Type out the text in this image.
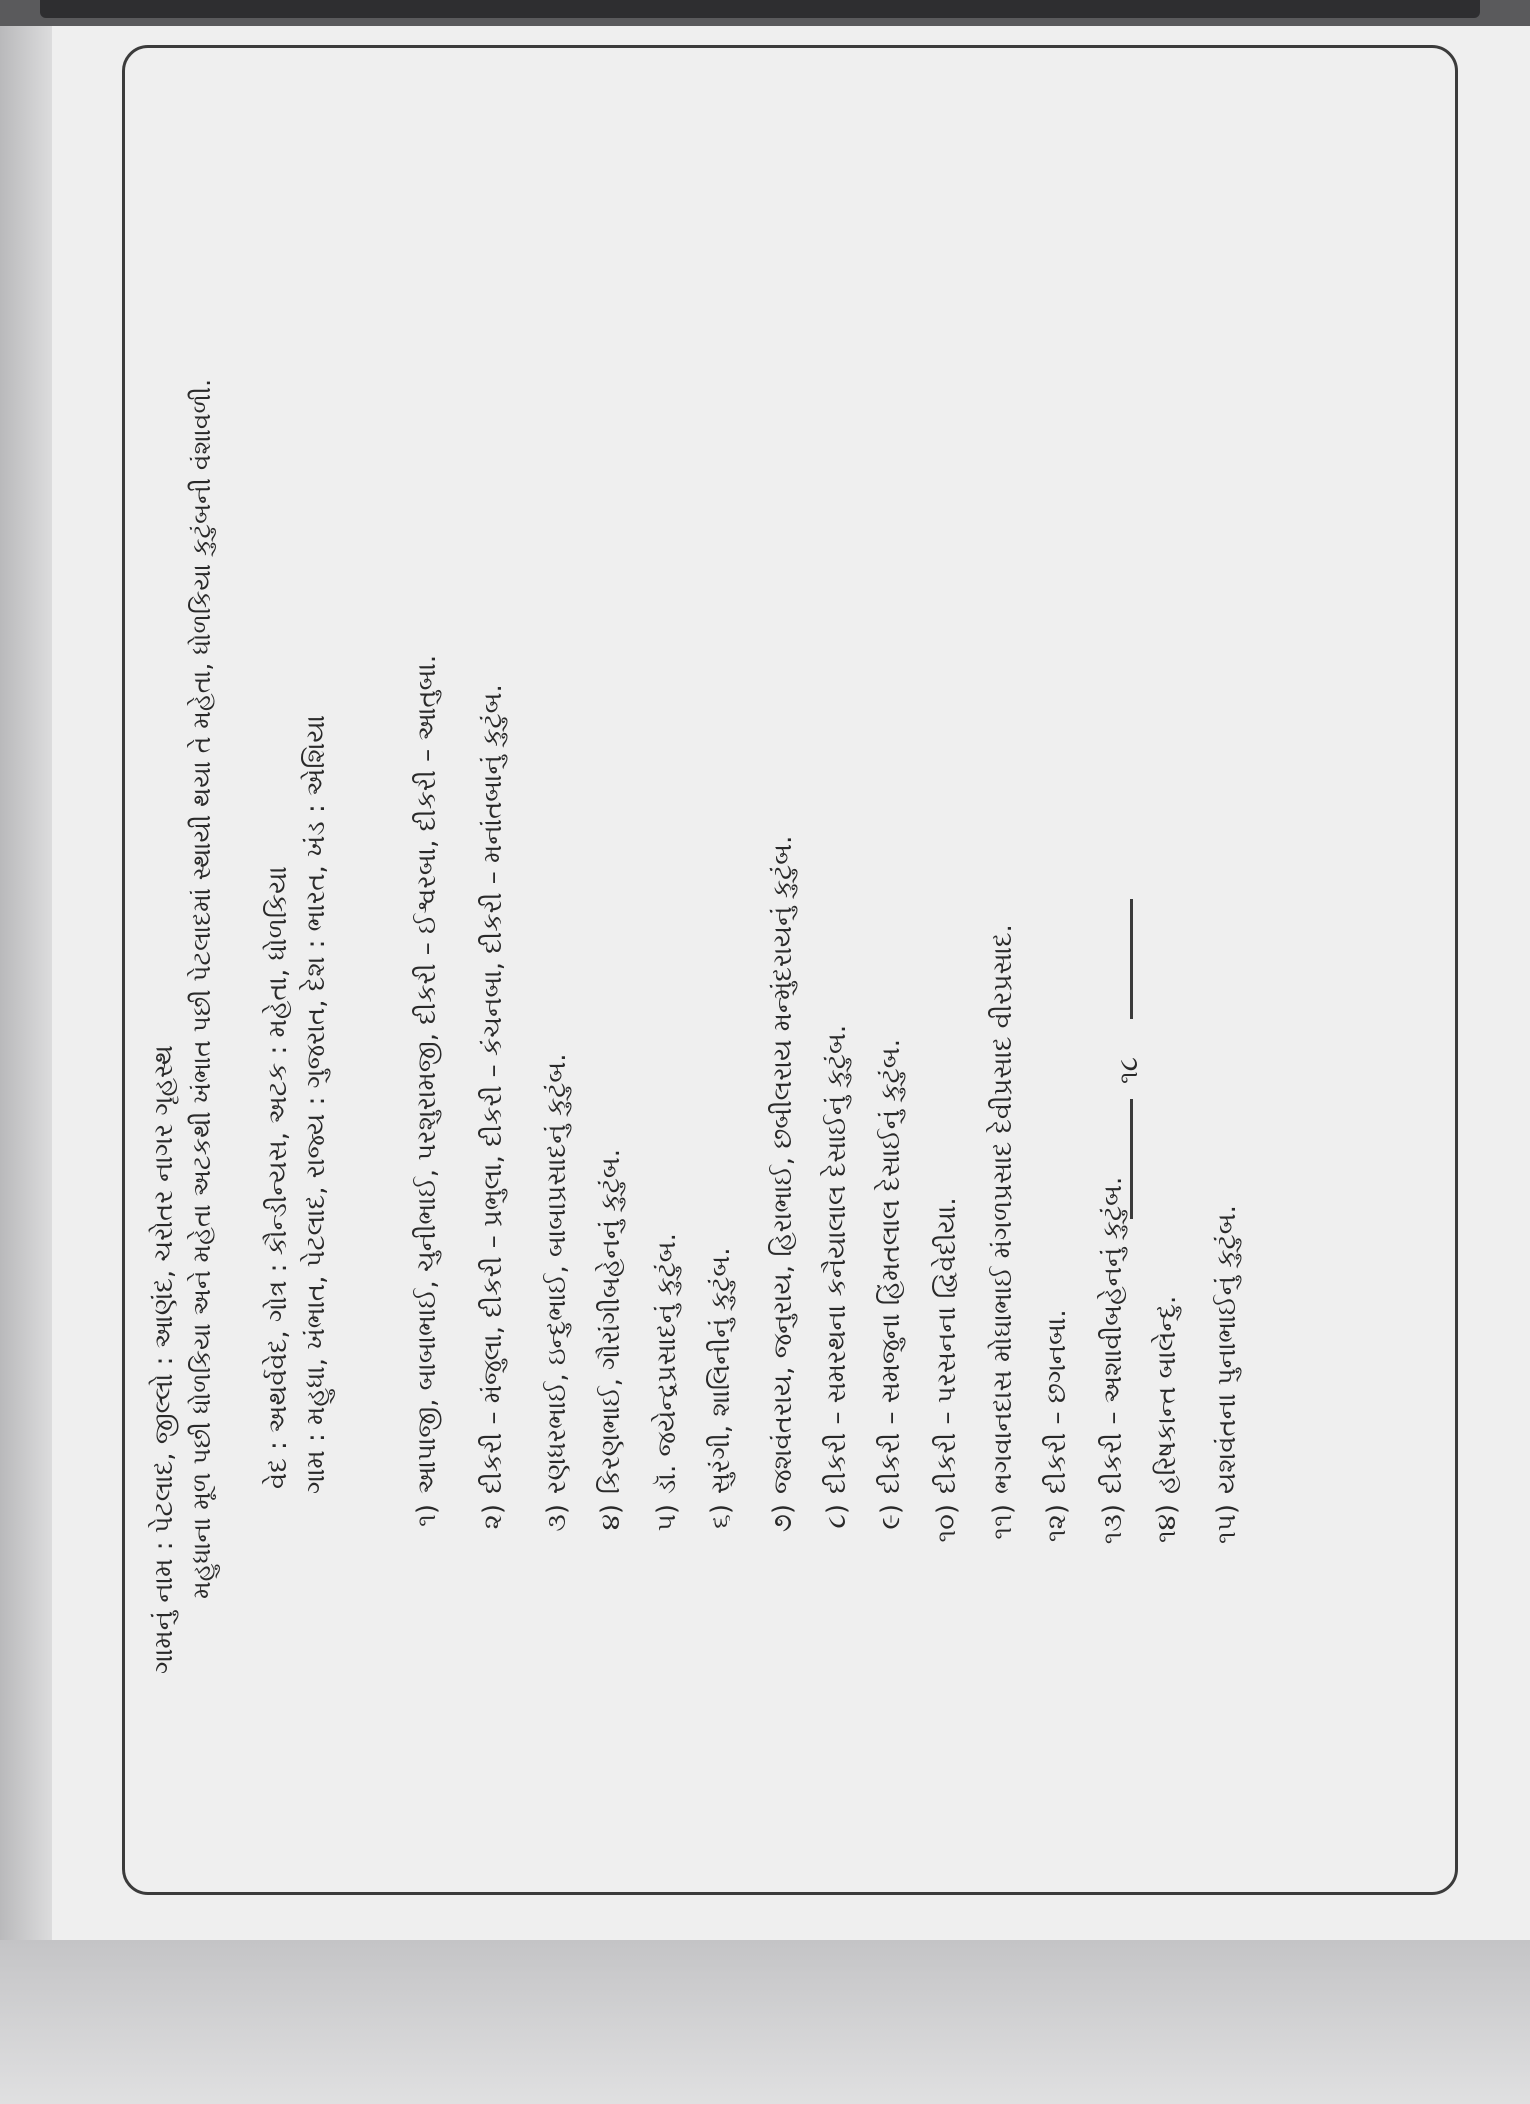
ગામનું નામ : પેટલાદ, જીલ્લો : આણંદ, ચરોતર નાગર ગૃહસ્થ મહુધાના મૂળ પછી ધોળકિયા અને મહેતા અટકથી ખંભાત પછી પેટલાદમાં સ્થાયી થયા તે મહેતા, ધોળકિયા કુટુંબની વંશાવળી. વેદ : અથર્વવેદ, ગોત્ર : કૌન્ડીન્યસ, અટક : મહેતા, ધોળકિયા ગામ : મહુધા, ખંભાત, પેટલાદ, રાજ્ય : ગુજરાત, દેશ : ભારત, ખંડ : એશિયા
૧)
આપાજી, બાબાભાઈ, ચુનીભાઈ, પરશુરામજી, દીકરી – ઈશ્વરબા, દીકરી – આતુબા.
૨)
દીકરી – મંજુલા, દીકરી – પ્રભુલા, દીકરી – કંચનબા, દીકરી – મનાંતબાનું કુટુંબ.
૩)
રણધરભાઈ, ઇન્દુભાઈ, બાબાપ્રસાદનું કુટુંબ.
૪)
કિરણભાઈ, ગૌરાંગીબહેનનું કુટુંબ.
૫)
ડૉ. જયેન્દ્રપ્રસાદનું કુટુંબ.
૬)
સુરંગી, શાલિનીનું કુટુંબ.
૭)
જશવંતરાય, જનુરાય, હિરાભાઈ, છબીલરાય મન્મુંદરાયનું કુટુંબ.
૮)
દીકરી – સમરથના કનૈયાલાલ દેસાઈનું કુટુંબ.
૯)
દીકરી – સમજુના હિંમતલાલ દેસાઈનું કુટુંબ.
૧૦)
દીકરી – પરસનના દ્વિવેદીયા.
૧૧)
ભગવાનદાસ મોઘાભાઈ મંગળપ્રસાદ દેવીપ્રસાદ વીરપ્રસાદ.
૧૨)
દીકરી – છગનબા.
૧૩)
દીકરી – અશાવીબહેનનું કુટુંબ.
૧૪)
હરિષકાન્ત બાલેન્દુ.
૧૫)
યશવંતના પુનાભાઈનું કુટુંબ.
૧૮
